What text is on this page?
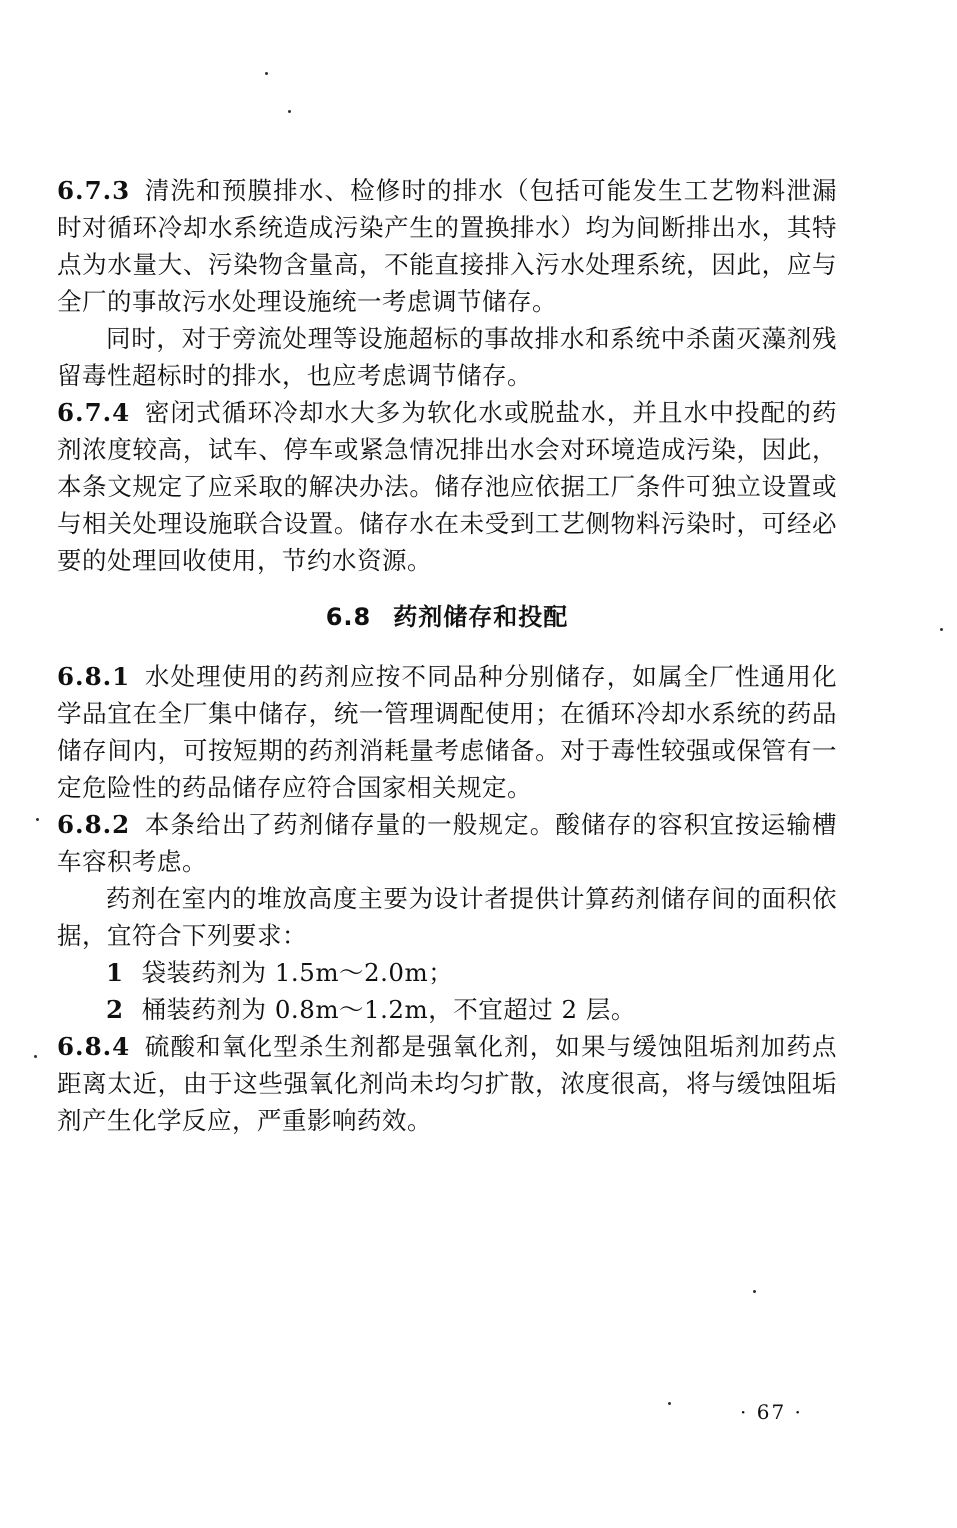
6.7.3 清洗和预膜排水、检修时的排水（包括可能发生工艺物料泄漏时对循环冷却水系统造成污染产生的置换排水）均为间断排出水，其特点为水量大、污染物含量高，不能直接排入污水处理系统，因此，应与全厂的事故污水处理设施统一考虑调节储存。

同时，对于旁流处理等设施超标的事故排水和系统中杀菌灭藻剂残留毒性超标时的排水，也应考虑调节储存。

6.7.4 密闭式循环冷却水大多为软化水或脱盐水，并且水中投配的药剂浓度较高，试车、停车或紧急情况排出水会对环境造成污染，因此，本条文规定了应采取的解决办法。储存池应依据工厂条件可独立设置或与相关处理设施联合设置。储存水在未受到工艺侧物料污染时，可经必要的处理回收使用，节约水资源。

6.8 药剂储存和投配

6.8.1 水处理使用的药剂应按不同品种分别储存，如属全厂性通用化学品宜在全厂集中储存，统一管理调配使用；在循环冷却水系统的药品储存间内，可按短期的药剂消耗量考虑储备。对于毒性较强或保管有一定危险性的药品储存应符合国家相关规定。

6.8.2 本条给出了药剂储存量的一般规定。酸储存的容积宜按运输槽车容积考虑。

药剂在室内的堆放高度主要为设计者提供计算药剂储存间的面积依据，宜符合下列要求：

1 袋装药剂为 1.5m～2.0m；

2 桶装药剂为 0.8m～1.2m，不宜超过 2 层。

6.8.4 硫酸和氧化型杀生剂都是强氧化剂，如果与缓蚀阻垢剂加药点距离太近，由于这些强氧化剂尚未均匀扩散，浓度很高，将与缓蚀阻垢剂产生化学反应，严重影响药效。

· 67 ·
